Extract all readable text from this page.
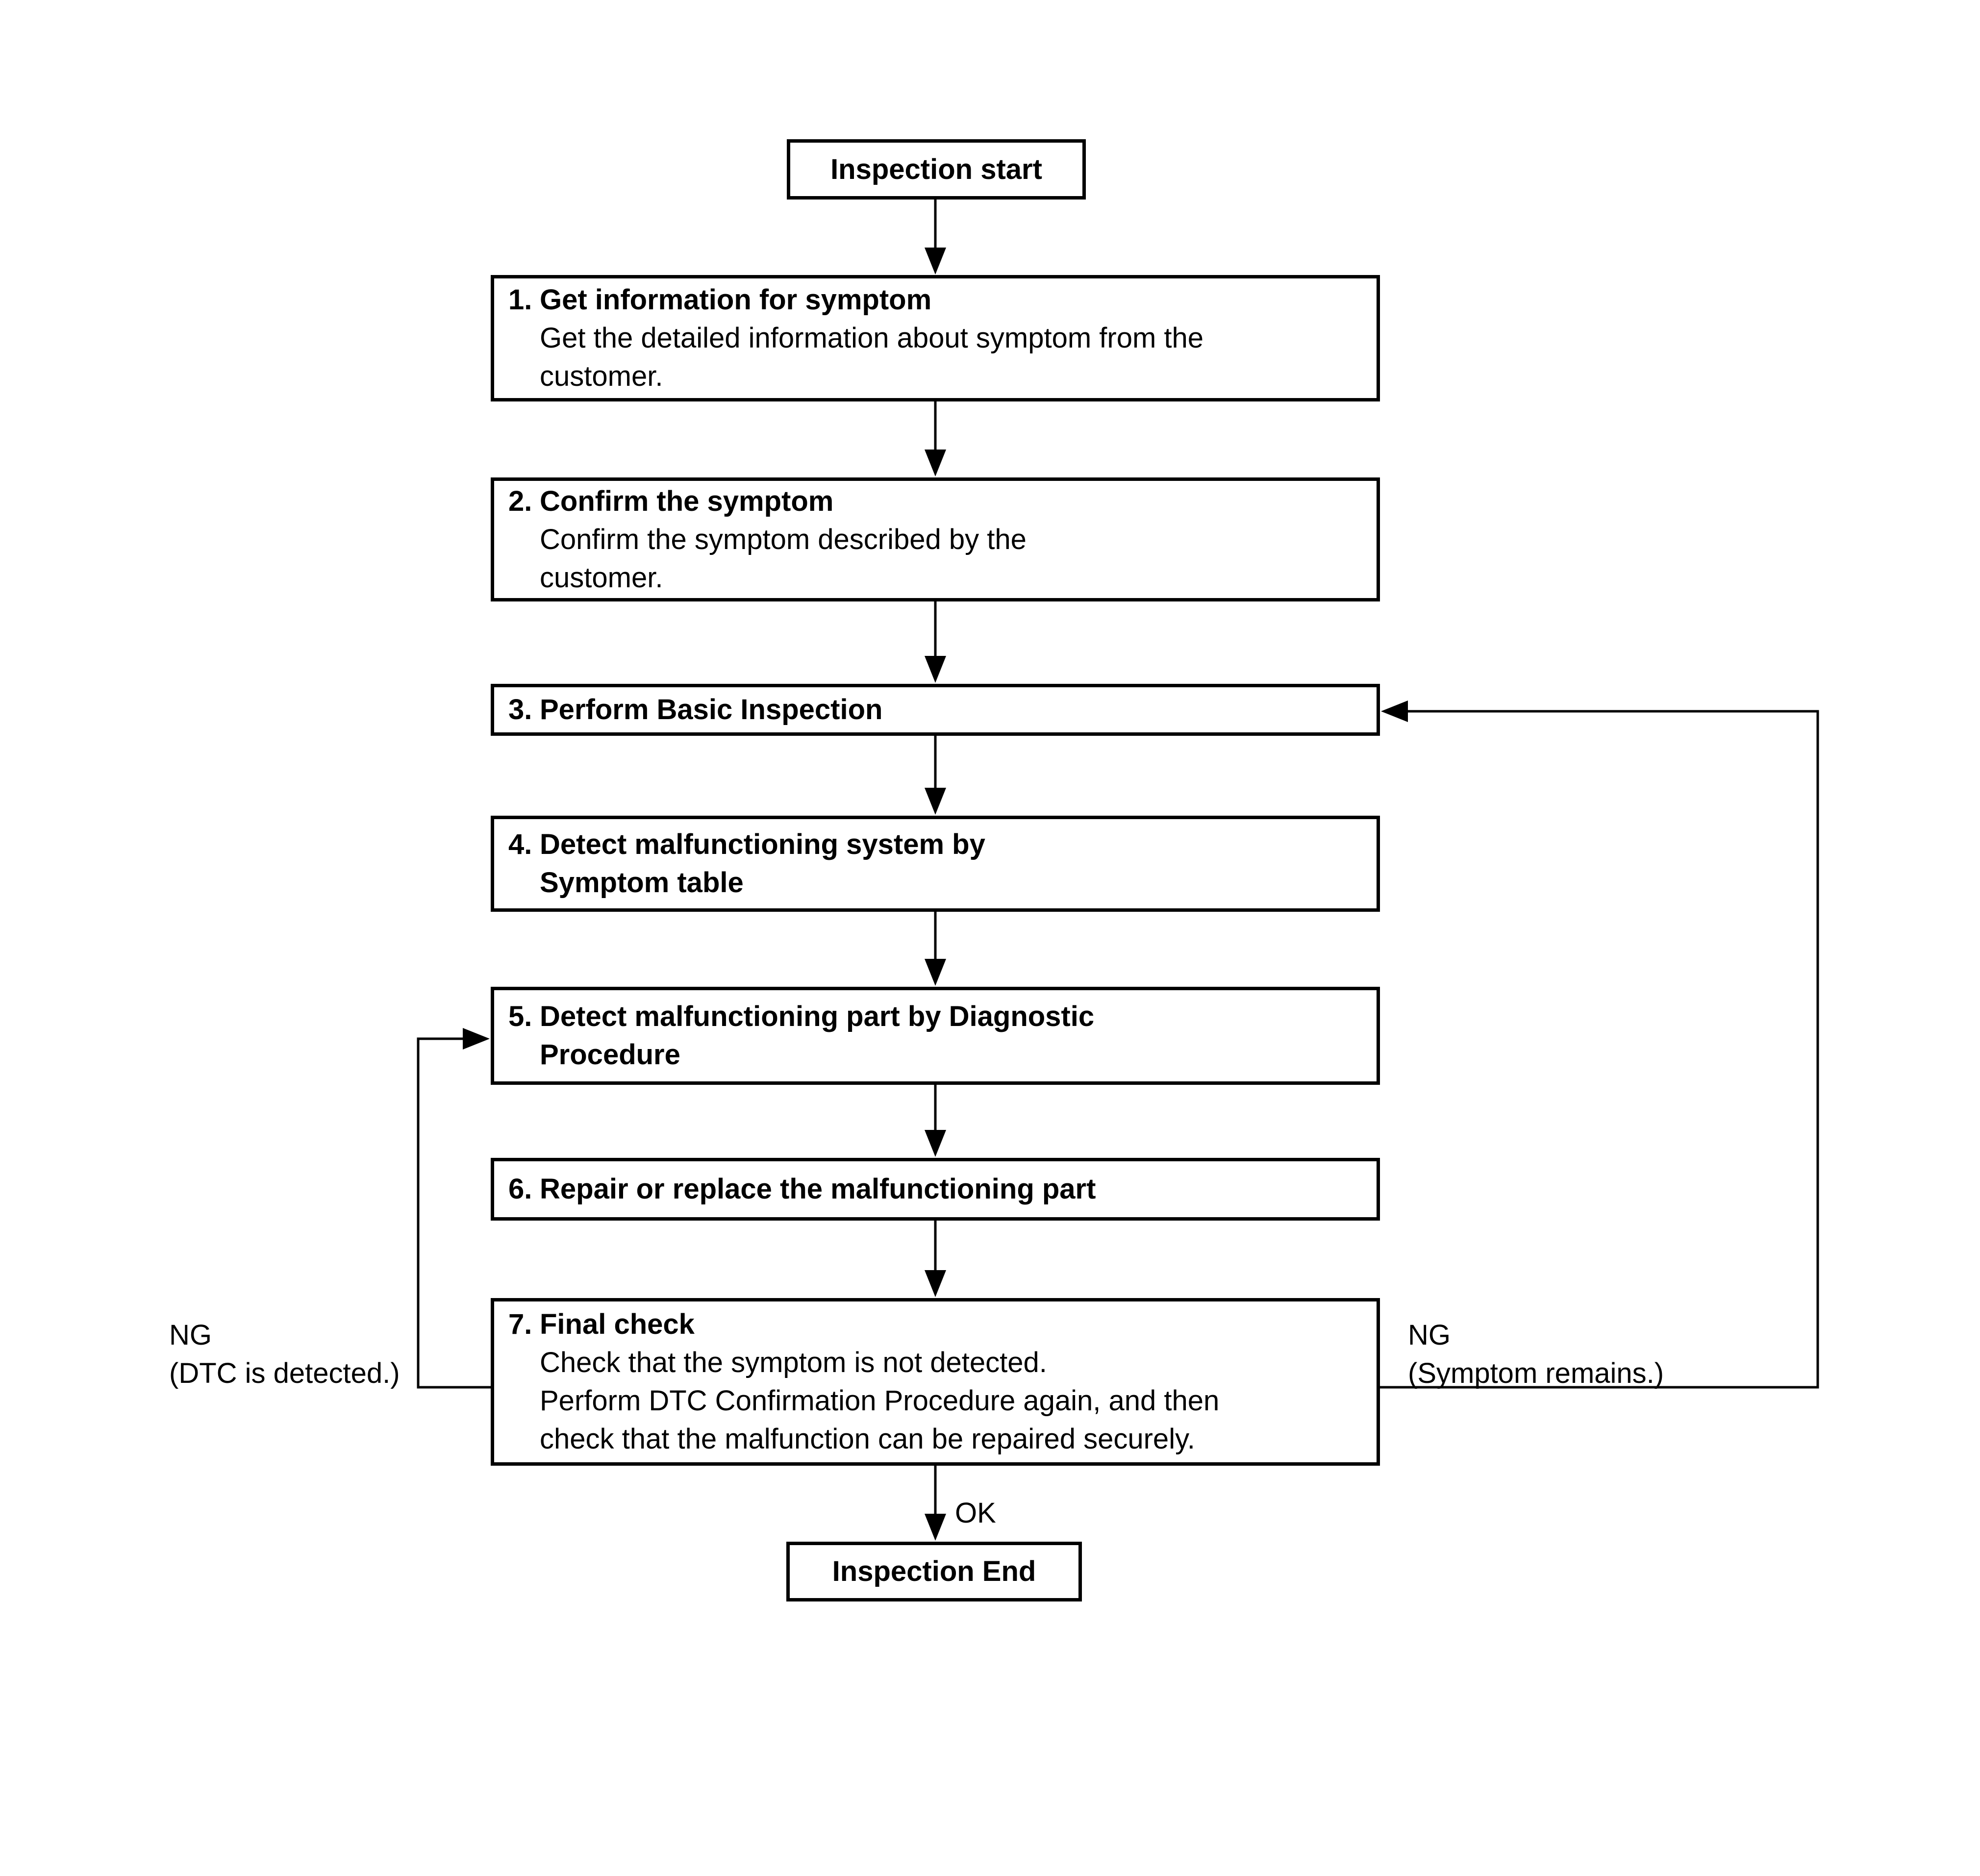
Inspection start
1. Get information for symptom
Get the detailed information about symptom from the
customer.
2. Confirm the symptom
Confirm the symptom described by the
customer.
3. Perform Basic Inspection
4. Detect malfunctioning system by
Symptom table
5. Detect malfunctioning part by Diagnostic
Procedure
6. Repair or replace the malfunctioning part
7. Final check
Check that the symptom is not detected.
Perform DTC Confirmation Procedure again, and then
check that the malfunction can be repaired securely.
Inspection End
NG
(DTC is detected.)
NG
(Symptom remains.)
OK
